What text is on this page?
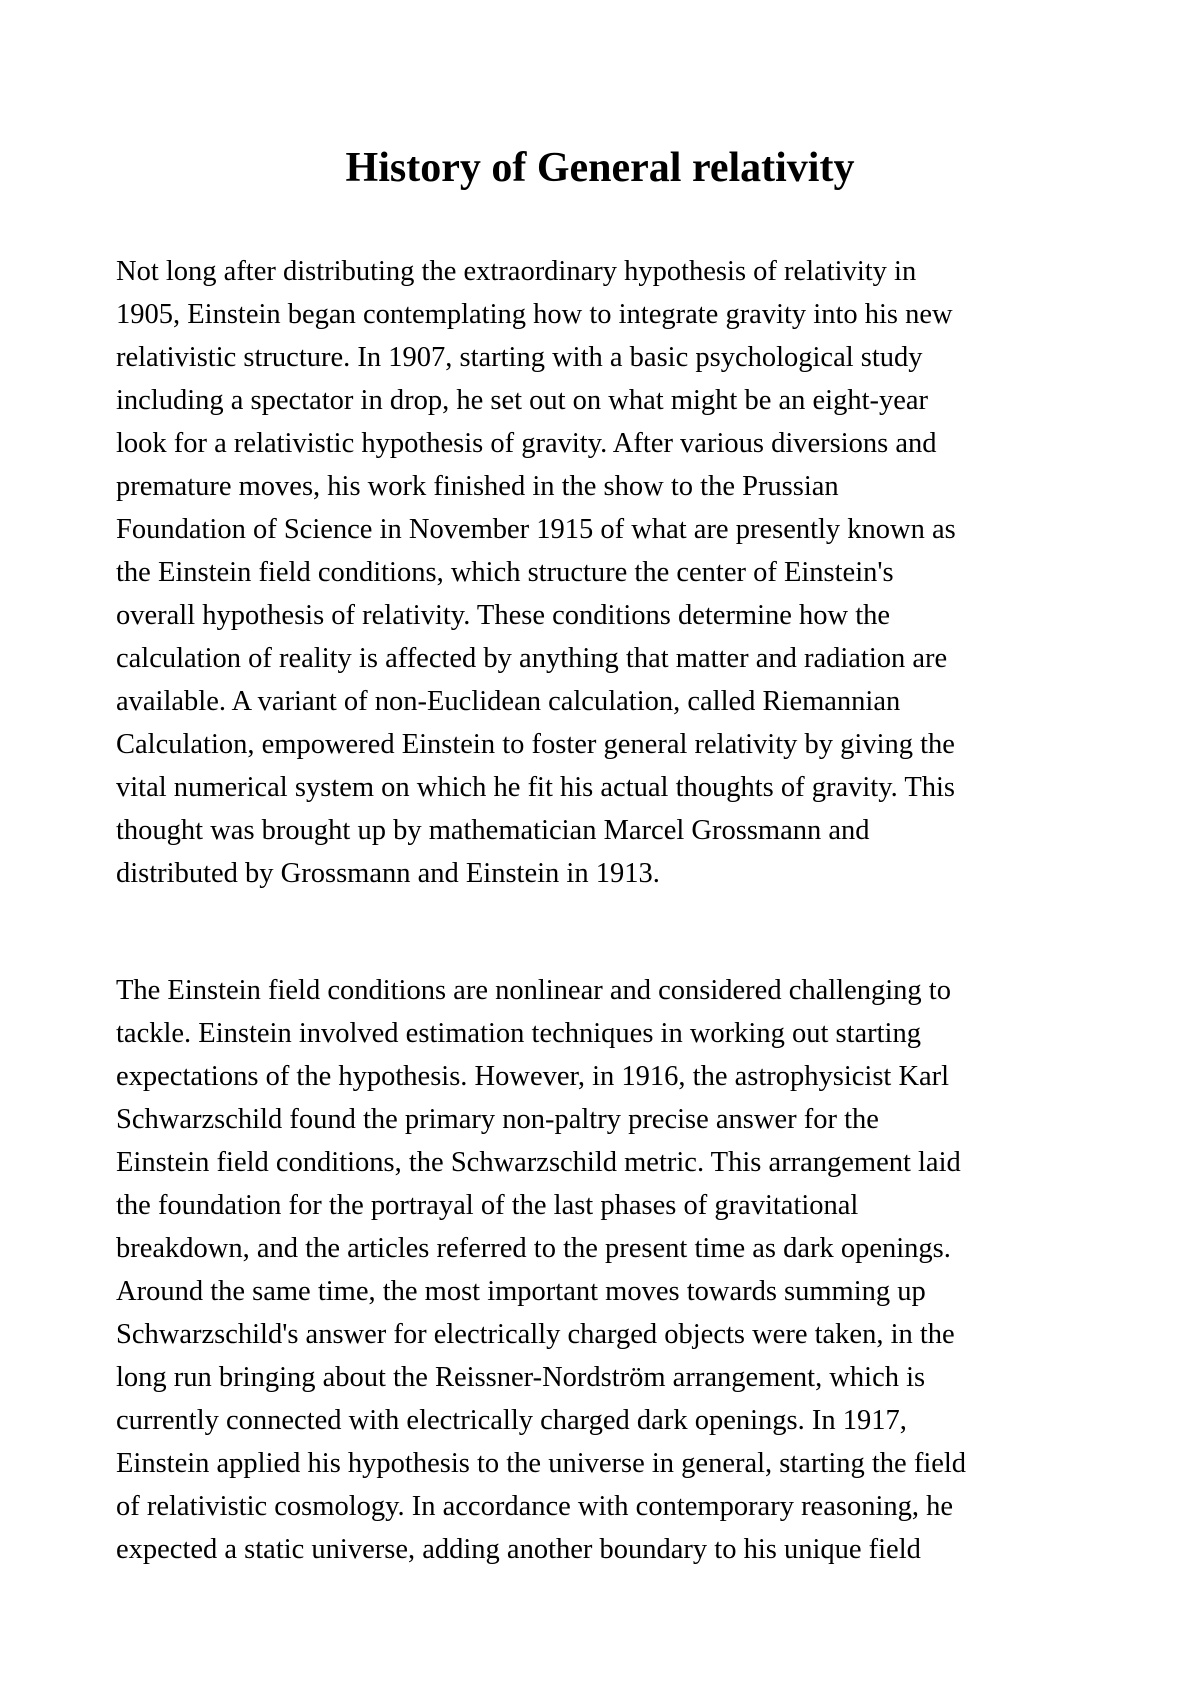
History of General relativity
Not long after distributing the extraordinary hypothesis of relativity in
1905, Einstein began contemplating how to integrate gravity into his new
relativistic structure. In 1907, starting with a basic psychological study
including a spectator in drop, he set out on what might be an eight-year
look for a relativistic hypothesis of gravity. After various diversions and
premature moves, his work finished in the show to the Prussian
Foundation of Science in November 1915 of what are presently known as
the Einstein field conditions, which structure the center of Einstein's
overall hypothesis of relativity. These conditions determine how the
calculation of reality is affected by anything that matter and radiation are
available. A variant of non-Euclidean calculation, called Riemannian
Calculation, empowered Einstein to foster general relativity by giving the
vital numerical system on which he fit his actual thoughts of gravity. This
thought was brought up by mathematician Marcel Grossmann and
distributed by Grossmann and Einstein in 1913.
The Einstein field conditions are nonlinear and considered challenging to
tackle. Einstein involved estimation techniques in working out starting
expectations of the hypothesis. However, in 1916, the astrophysicist Karl
Schwarzschild found the primary non-paltry precise answer for the
Einstein field conditions, the Schwarzschild metric. This arrangement laid
the foundation for the portrayal of the last phases of gravitational
breakdown, and the articles referred to the present time as dark openings.
Around the same time, the most important moves towards summing up
Schwarzschild's answer for electrically charged objects were taken, in the
long run bringing about the Reissner-Nordström arrangement, which is
currently connected with electrically charged dark openings. In 1917,
Einstein applied his hypothesis to the universe in general, starting the field
of relativistic cosmology. In accordance with contemporary reasoning, he
expected a static universe, adding another boundary to his unique field
